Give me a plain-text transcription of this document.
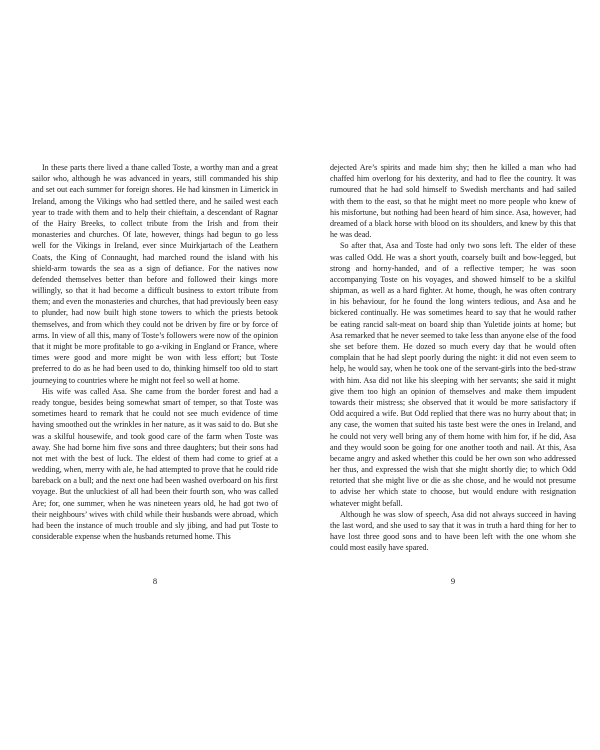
In these parts there lived a thane called Toste, a worthy man and a great sailor who, although he was advanced in years, still commanded his ship and set out each summer for foreign shores. He had kinsmen in Limerick in Ireland, among the Vikings who had settled there, and he sailed west each year to trade with them and to help their chieftain, a descendant of Ragnar of the Hairy Breeks, to collect tribute from the Irish and from their monasteries and churches. Of late, however, things had begun to go less well for the Vikings in Ireland, ever since Muirkjartach of the Leathern Coats, the King of Connaught, had marched round the island with his shield-arm towards the sea as a sign of defiance. For the natives now defended themselves better than before and followed their kings more willingly, so that it had become a difficult business to extort tribute from them; and even the monasteries and churches, that had previously been easy to plunder, had now built high stone towers to which the priests betook themselves, and from which they could not be driven by fire or by force of arms. In view of all this, many of Toste’s followers were now of the opinion that it might be more profitable to go a-viking in England or France, where times were good and more might be won with less effort; but Toste preferred to do as he had been used to do, thinking himself too old to start journeying to countries where he might not feel so well at home.

His wife was called Asa. She came from the border forest and had a ready tongue, besides being somewhat smart of temper, so that Toste was sometimes heard to remark that he could not see much evidence of time having smoothed out the wrinkles in her nature, as it was said to do. But she was a skilful housewife, and took good care of the farm when Toste was away. She had borne him five sons and three daughters; but their sons had not met with the best of luck. The eldest of them had come to grief at a wedding, when, merry with ale, he had attempted to prove that he could ride bareback on a bull; and the next one had been washed overboard on his first voyage. But the unluckiest of all had been their fourth son, who was called Are; for, one summer, when he was nineteen years old, he had got two of their neighbours’ wives with child while their husbands were abroad, which had been the instance of much trouble and sly jibing, and had put Toste to considerable expense when the husbands returned home. This

8

dejected Are’s spirits and made him shy; then he killed a man who had chaffed him overlong for his dexterity, and had to flee the country. It was rumoured that he had sold himself to Swedish merchants and had sailed with them to the east, so that he might meet no more people who knew of his misfortune, but nothing had been heard of him since. Asa, however, had dreamed of a black horse with blood on its shoulders, and knew by this that he was dead.

So after that, Asa and Toste had only two sons left. The elder of these was called Odd. He was a short youth, coarsely built and bow-legged, but strong and horny-handed, and of a reflective temper; he was soon accompanying Toste on his voyages, and showed himself to be a skilful shipman, as well as a hard fighter. At home, though, he was often contrary in his behaviour, for he found the long winters tedious, and Asa and he bickered continually. He was sometimes heard to say that he would rather be eating rancid salt-meat on board ship than Yuletide joints at home; but Asa remarked that he never seemed to take less than anyone else of the food she set before them. He dozed so much every day that he would often complain that he had slept poorly during the night: it did not even seem to help, he would say, when he took one of the servant-girls into the bed-straw with him. Asa did not like his sleeping with her servants; she said it might give them too high an opinion of themselves and make them impudent towards their mistress; she observed that it would be more satisfactory if Odd acquired a wife. But Odd replied that there was no hurry about that; in any case, the women that suited his taste best were the ones in Ireland, and he could not very well bring any of them home with him for, if he did, Asa and they would soon be going for one another tooth and nail. At this, Asa became angry and asked whether this could be her own son who addressed her thus, and expressed the wish that she might shortly die; to which Odd retorted that she might live or die as she chose, and he would not presume to advise her which state to choose, but would endure with resignation whatever might befall.

Although he was slow of speech, Asa did not always succeed in having the last word, and she used to say that it was in truth a hard thing for her to have lost three good sons and to have been left with the one whom she could most easily have spared.

9
